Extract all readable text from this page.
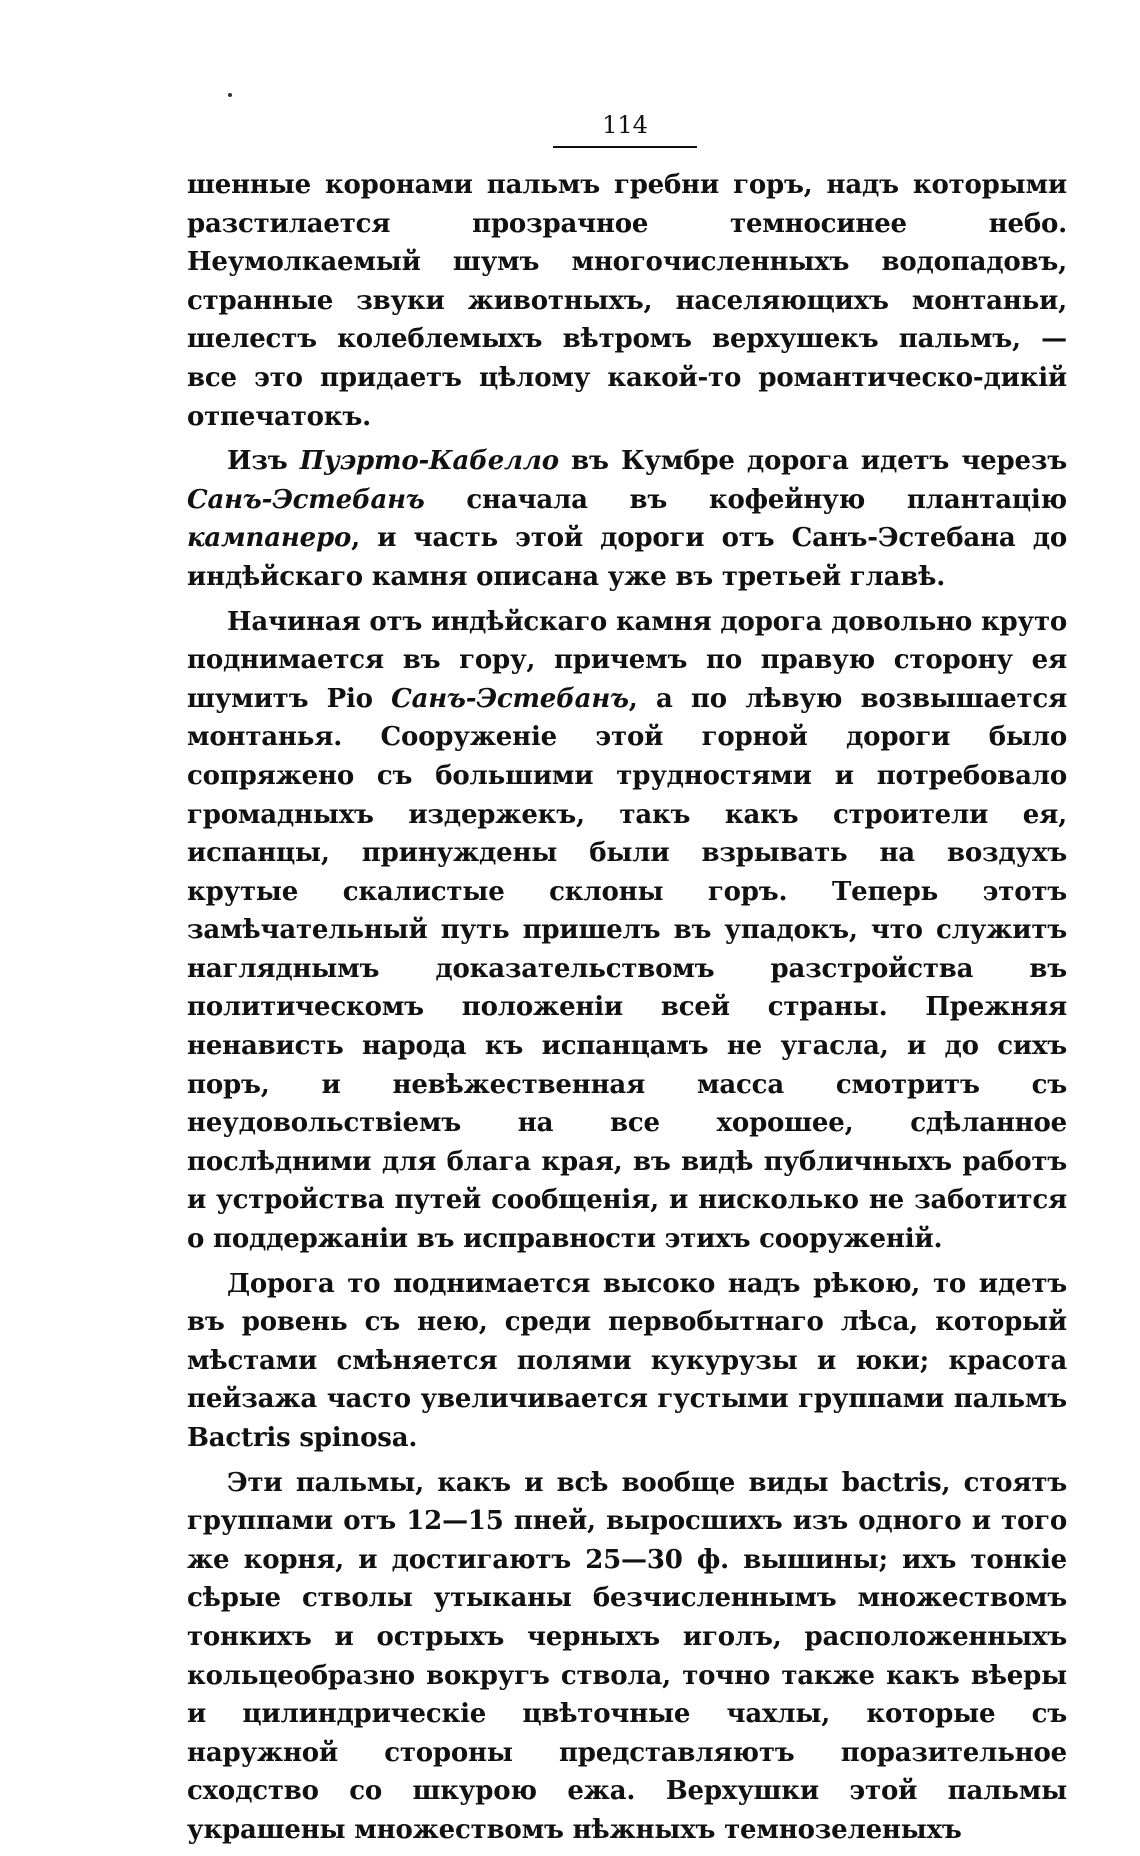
114

шенные коронами пальмъ гребни горъ, надъ которыми разстилается прозрачное темносинее небо. Неумолкаемый шумъ многочисленныхъ водопадовъ, странные звуки животныхъ, населяющихъ монтаньи, шелестъ колеблемыхъ вѣтромъ верхушекъ пальмъ, — все это придаетъ цѣлому какой-то романтическо-дикій отпечатокъ.

Изъ Пуэрто-Кабелло въ Кумбре дорога идетъ черезъ Санъ-Эстебанъ сначала въ кофейную плантацію кампанеро, и часть этой дороги отъ Санъ-Эстебана до индѣйскаго камня описана уже въ третьей главѣ.

Начиная отъ индѣйскаго камня дорога довольно круто поднимается въ гору, причемъ по правую сторону ея шумитъ Ріо Санъ-Эстебанъ, а по лѣвую возвышается монтанья. Сооруженіе этой горной дороги было сопряжено съ большими трудностями и потребовало громадныхъ издержекъ, такъ какъ строители ея, испанцы, принуждены были взрывать на воздухъ крутые скалистые склоны горъ. Теперь этотъ замѣчательный путь пришелъ въ упадокъ, что служитъ нагляднымъ доказательствомъ разстройства въ политическомъ положеніи всей страны. Прежняя ненависть народа къ испанцамъ не угасла, и до сихъ поръ, и невѣжественная масса смотритъ съ неудовольствіемъ на все хорошее, сдѣланное послѣдними для блага края, въ видѣ публичныхъ работъ и устройства путей сообщенія, и нисколько не заботится о поддержаніи въ исправности этихъ сооруженій.

Дорога то поднимается высоко надъ рѣкою, то идетъ въ ровень съ нею, среди первобытнаго лѣса, который мѣстами смѣняется полями кукурузы и юки; красота пейзажа часто увеличивается густыми группами пальмъ Bactris spinosa.

Эти пальмы, какъ и всѣ вообще виды bactris, стоятъ группами отъ 12—15 пней, выросшихъ изъ одного и того же корня, и достигаютъ 25—30 ф. вышины; ихъ тонкіе сѣрые стволы утыканы безчисленнымъ множествомъ тонкихъ и острыхъ черныхъ иголъ, расположенныхъ кольцеобразно вокругъ ствола, точно также какъ вѣеры и цилиндрическіе цвѣточные чахлы, которые съ наружной стороны представляютъ поразительное сходство со шкурою ежа. Верхушки этой пальмы украшены множествомъ нѣжныхъ темнозеленыхъ
